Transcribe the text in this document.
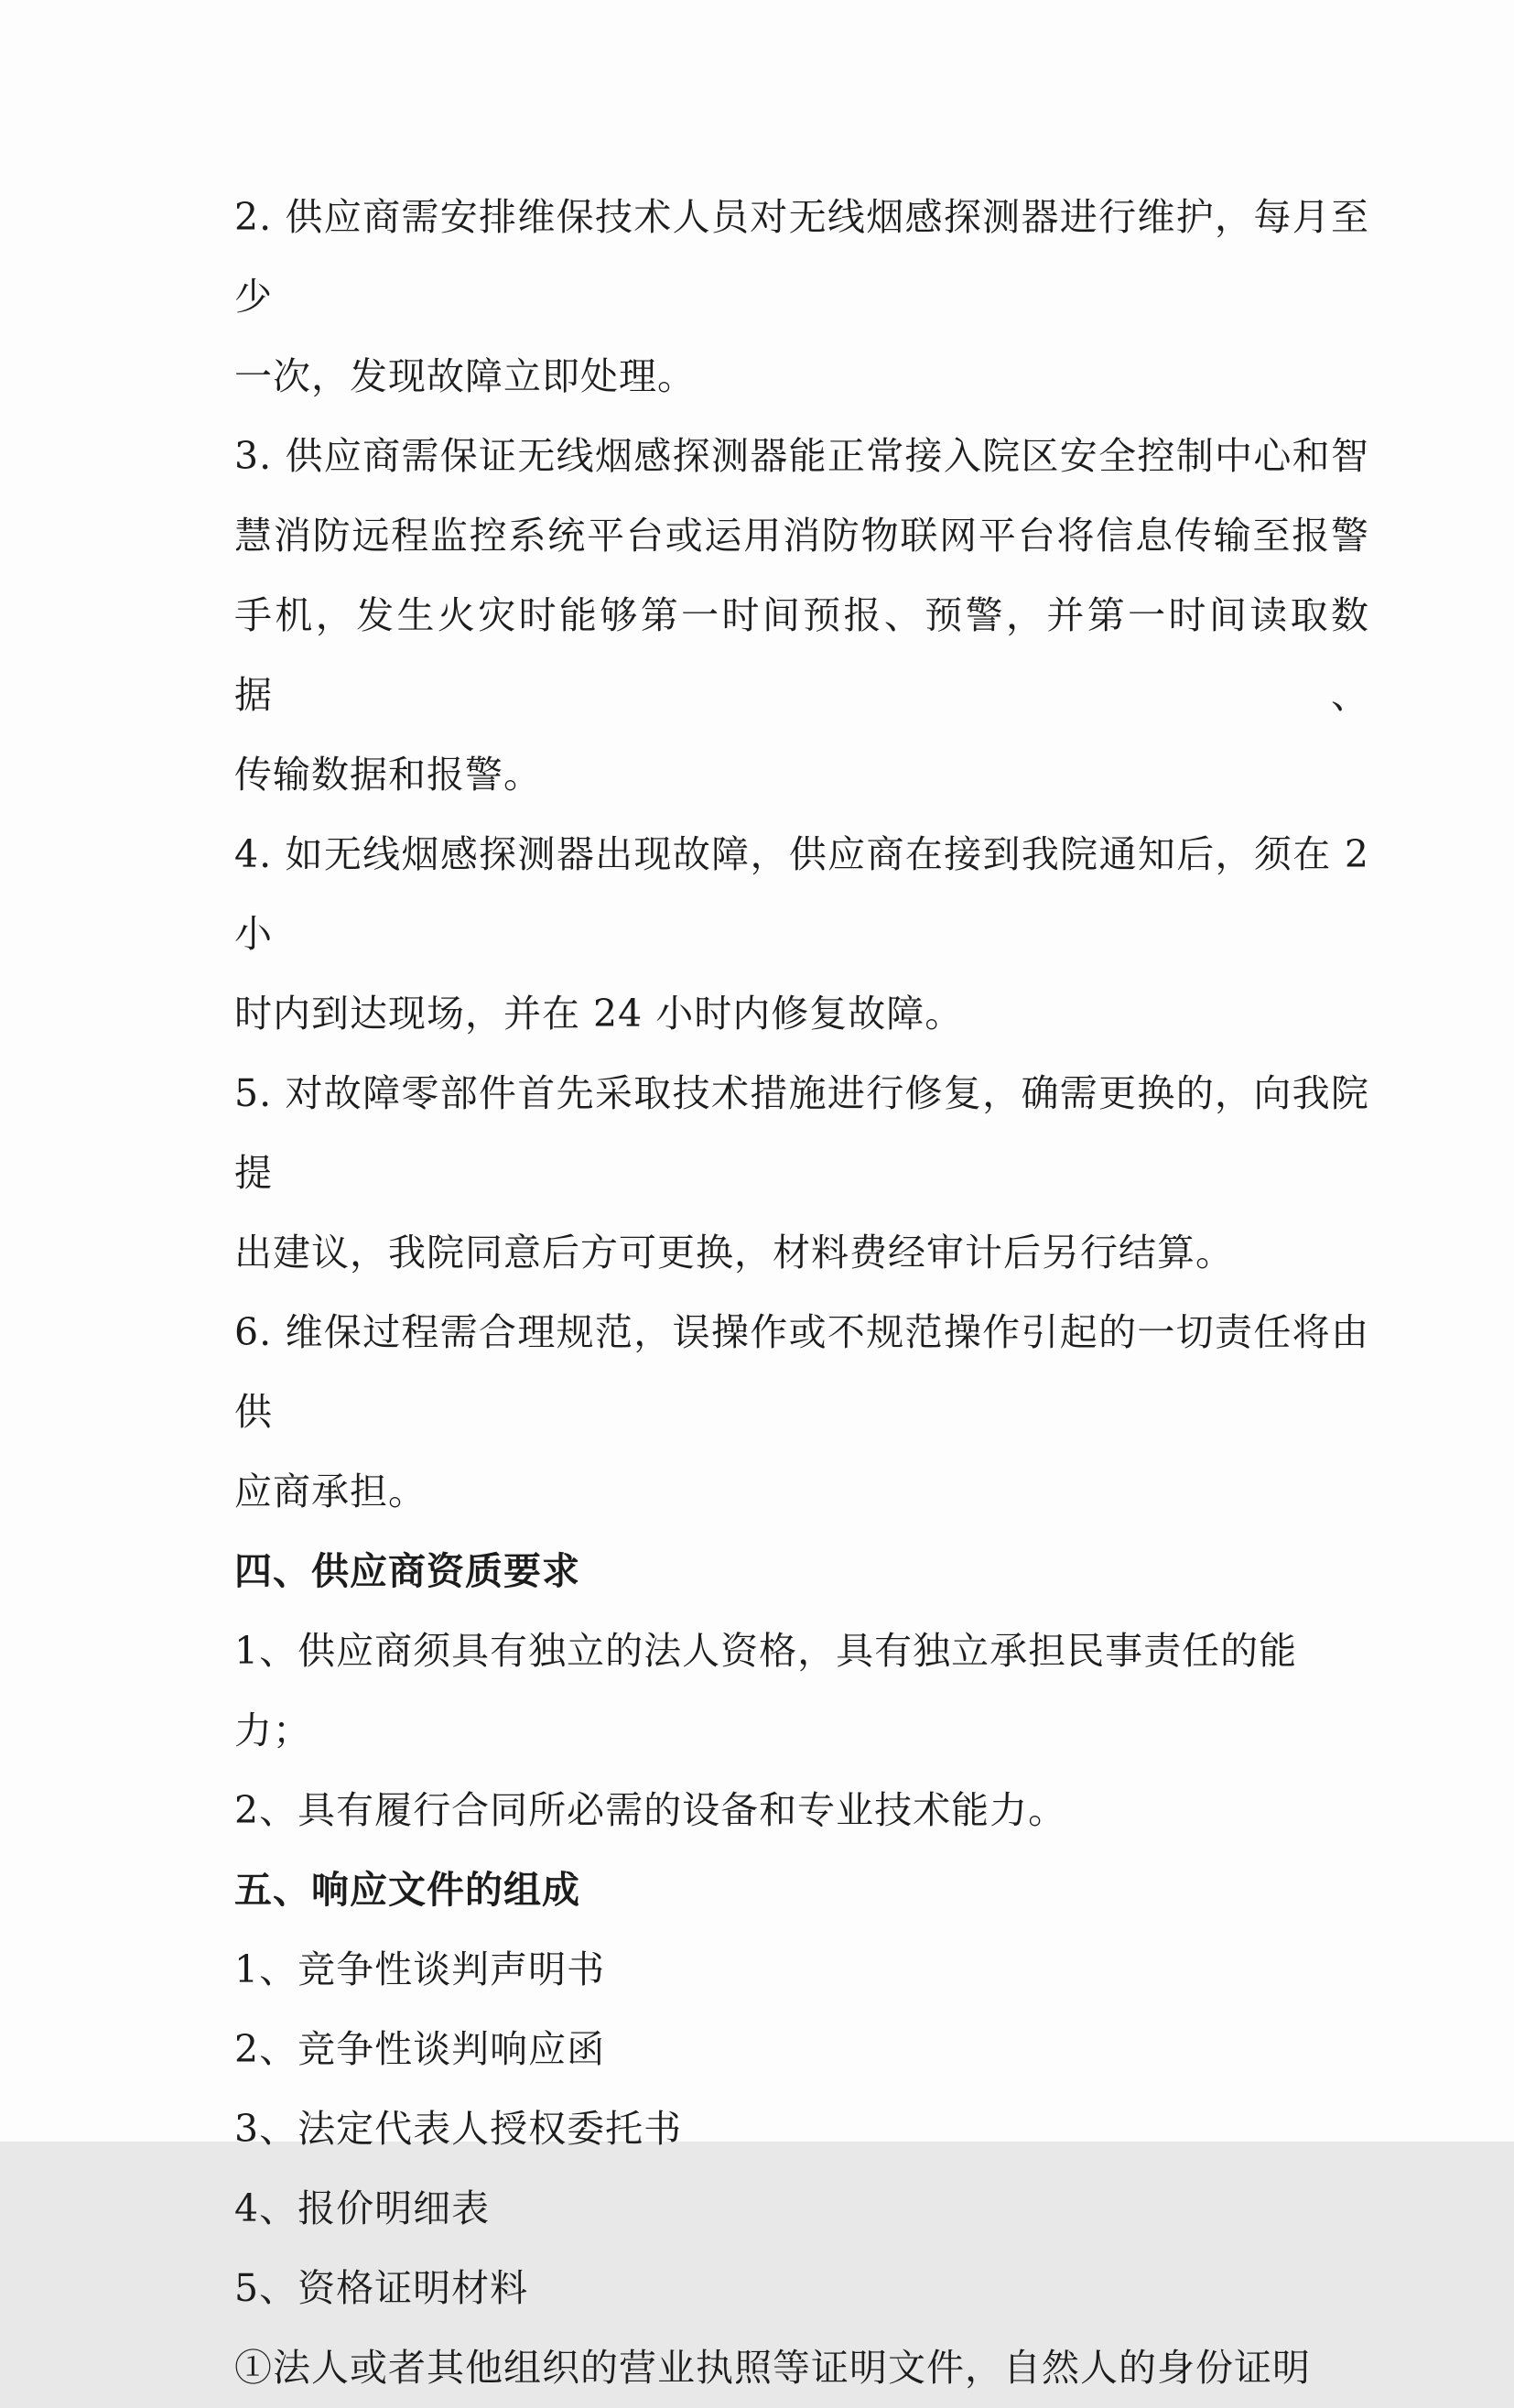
2. 供应商需安排维保技术人员对无线烟感探测器进行维护，每月至少
一次，发现故障立即处理。
3. 供应商需保证无线烟感探测器能正常接入院区安全控制中心和智
慧消防远程监控系统平台或运用消防物联网平台将信息传输至报警
手机，发生火灾时能够第一时间预报、预警，并第一时间读取数据、
传输数据和报警。
4. 如无线烟感探测器出现故障，供应商在接到我院通知后，须在 2 小
时内到达现场，并在 24 小时内修复故障。
5. 对故障零部件首先采取技术措施进行修复，确需更换的，向我院提
出建议，我院同意后方可更换，材料费经审计后另行结算。
6. 维保过程需合理规范，误操作或不规范操作引起的一切责任将由供
应商承担。
四、供应商资质要求
1、供应商须具有独立的法人资格，具有独立承担民事责任的能力；
2、具有履行合同所必需的设备和专业技术能力。
五、响应文件的组成
1、竞争性谈判声明书
2、竞争性谈判响应函
3、法定代表人授权委托书
4、报价明细表
5、资格证明材料
①法人或者其他组织的营业执照等证明文件，自然人的身份证明
